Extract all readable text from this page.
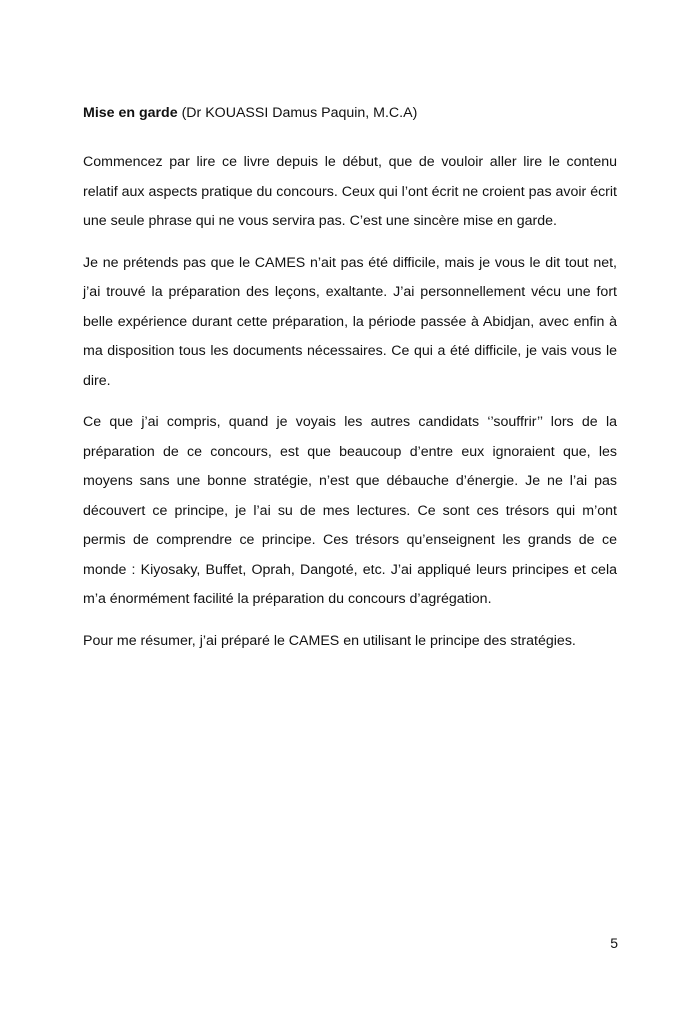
Mise en garde (Dr KOUASSI Damus Paquin, M.C.A)

Commencez par lire ce livre depuis le début, que de vouloir aller lire le contenu relatif aux aspects pratique du concours. Ceux qui l’ont écrit ne croient pas avoir écrit une seule phrase qui ne vous servira pas. C’est une sincère mise en garde.

Je ne prétends pas que le CAMES n’ait pas été difficile, mais je vous le dit tout net, j’ai trouvé la préparation des leçons, exaltante. J’ai personnellement vécu une fort belle expérience durant cette préparation, la période passée à Abidjan, avec enfin à ma disposition tous les documents nécessaires. Ce qui a été difficile, je vais vous le dire.

Ce que j’ai compris, quand je voyais les autres candidats ‘’souffrir’’ lors de la préparation de ce concours, est que beaucoup d’entre eux ignoraient que, les moyens sans une bonne stratégie, n’est que débauche d’énergie. Je ne l’ai pas découvert ce principe, je l’ai su de mes lectures. Ce sont ces trésors qui m’ont permis de comprendre ce principe. Ces trésors qu’enseignent les grands de ce monde : Kiyosaky, Buffet, Oprah, Dangoté, etc. J’ai appliqué leurs principes et cela m’a énormément facilité la préparation du concours d’agrégation.

Pour me résumer, j’ai préparé le CAMES en utilisant le principe des stratégies.

5
